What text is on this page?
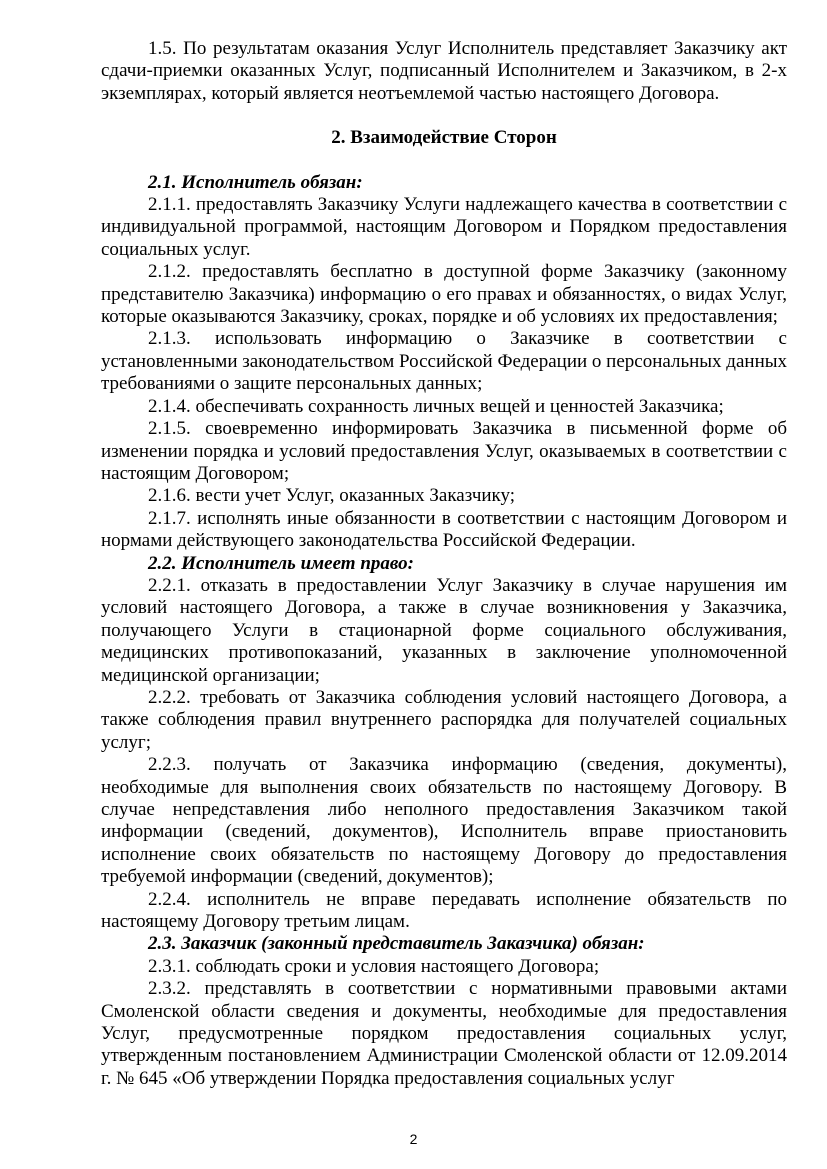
1.5. По результатам оказания Услуг Исполнитель представляет Заказчику акт сдачи-приемки оказанных Услуг, подписанный Исполнителем и Заказчиком, в 2-х экземплярах, который является неотъемлемой частью настоящего Договора.

2. Взаимодействие Сторон

2.1. Исполнитель обязан:

2.1.1. предоставлять Заказчику Услуги надлежащего качества в соответствии с индивидуальной программой, настоящим Договором и Порядком предоставления социальных услуг.

2.1.2. предоставлять бесплатно в доступной форме Заказчику (законному представителю Заказчика) информацию о его правах и обязанностях, о видах Услуг, которые оказываются Заказчику, сроках, порядке и об условиях их предоставления;

2.1.3. использовать информацию о Заказчике в соответствии с установленными законодательством Российской Федерации о персональных данных требованиями о защите персональных данных;

2.1.4. обеспечивать сохранность личных вещей и ценностей Заказчика;

2.1.5. своевременно информировать Заказчика в письменной форме об изменении порядка и условий предоставления Услуг, оказываемых в соответствии с настоящим Договором;

2.1.6. вести учет Услуг, оказанных Заказчику;

2.1.7. исполнять иные обязанности в соответствии с настоящим Договором и нормами действующего законодательства Российской Федерации.

2.2. Исполнитель имеет право:

2.2.1. отказать в предоставлении Услуг Заказчику в случае нарушения им условий настоящего Договора, а также в случае возникновения у Заказчика, получающего Услуги в стационарной форме социального обслуживания, медицинских противопоказаний, указанных в заключение уполномоченной медицинской организации;

2.2.2. требовать от Заказчика соблюдения условий настоящего Договора, а также соблюдения правил внутреннего распорядка для получателей социальных услуг;

2.2.3. получать от Заказчика информацию (сведения, документы), необходимые для выполнения своих обязательств по настоящему Договору. В случае непредставления либо неполного предоставления Заказчиком такой информации (сведений, документов), Исполнитель вправе приостановить исполнение своих обязательств по настоящему Договору до предоставления требуемой информации (сведений, документов);

2.2.4. исполнитель не вправе передавать исполнение обязательств по настоящему Договору третьим лицам.

2.3. Заказчик (законный представитель Заказчика) обязан:

2.3.1. соблюдать сроки и условия настоящего Договора;

2.3.2. представлять в соответствии с нормативными правовыми актами Смоленской области сведения и документы, необходимые для предоставления Услуг, предусмотренные порядком предоставления социальных услуг, утвержденным постановлением Администрации Смоленской области от 12.09.2014 г. № 645 «Об утверждении Порядка предоставления социальных услуг

2
